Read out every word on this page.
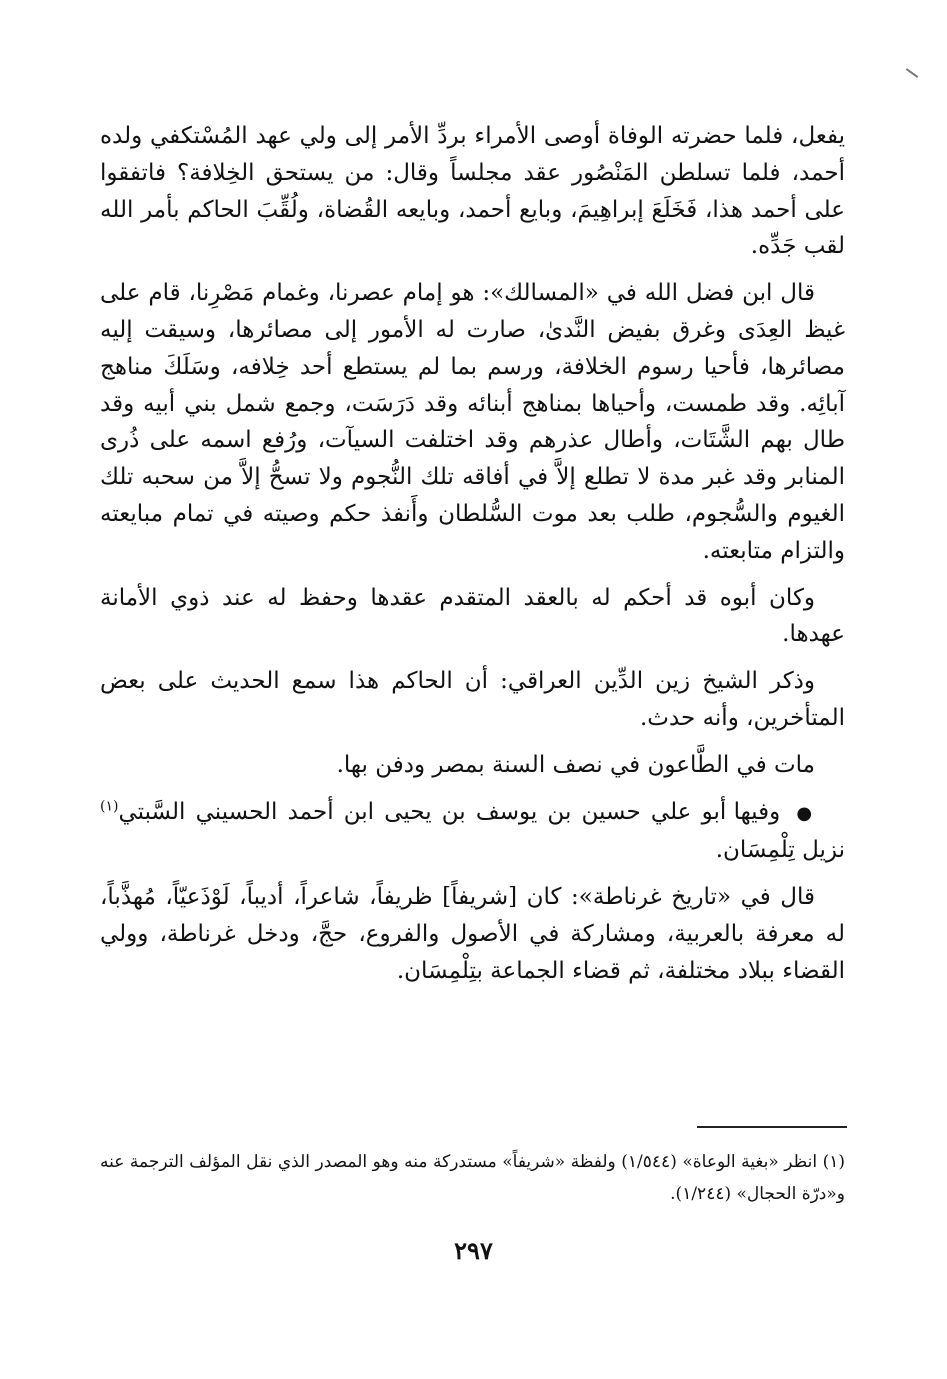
يفعل، فلما حضرته الوفاة أوصى الأمراء بردِّ الأمر إلى ولي عهد المُسْتكفي ولده أحمد، فلما تسلطن المَنْصُور عقد مجلساً وقال: من يستحق الخِلافة؟ فاتفقوا على أحمد هذا، فَخَلَعَ إبراهِيمَ، وبايع أحمد، وبايعه القُضاة، ولُقِّبَ الحاكم بأمر الله لقب جَدِّه.

قال ابن فضل الله في «المسالك»: هو إمام عصرنا، وغمام مَصْرِنا، قام على غيظ العِدَى وغرق بفيض النَّدىٰ، صارت له الأمور إلى مصائرها، وسيقت إليه مصائرها، فأحيا رسوم الخلافة، ورسم بما لم يستطع أحد خِلافه، وسَلَكَ مناهج آبائِه. وقد طمست، وأحياها بمناهج أبنائه وقد دَرَسَت، وجمع شمل بني أبيه وقد طال بهم الشَّتَات، وأطال عذرهم وقد اختلفت السيآت، ورُفع اسمه على ذُرى المنابر وقد غبر مدة لا تطلع إلاَّ في أفاقه تلك النُّجوم ولا تسحُّ إلاَّ من سحبه تلك الغيوم والسُّجوم، طلب بعد موت السُّلطان وأَنفذ حكم وصيته في تمام مبايعته والتزام متابعته.

وكان أبوه قد أحكم له بالعقد المتقدم عقدها وحفظ له عند ذوي الأمانة عهدها.

وذكر الشيخ زين الدِّين العراقي: أن الحاكم هذا سمع الحديث على بعض المتأخرين، وأنه حدث.

مات في الطَّاعون في نصف السنة بمصر ودفن بها.

● وفيها أبو علي حسين بن يوسف بن يحيى ابن أحمد الحسيني السَّبتي$^{(١)}$ نزيل تِلْمِسَان.

قال في «تاريخ غرناطة»: كان [شريفاً] ظريفاً، شاعراً، أديباً، لَوْذَعيّاً، مُهذَّباً، له معرفة بالعربية، ومشاركة في الأصول والفروع، حجَّ، ودخل غرناطة، وولي القضاء ببلاد مختلفة، ثم قضاء الجماعة بتِلْمِسَان.

(١) انظر «بغية الوعاة» (١/٥٤٤) ولفظة «شريفاً» مستدركة منه وهو المصدر الذي نقل المؤلف الترجمة عنه و«درّة الحجال» (١/٢٤٤).
٢٩٧
